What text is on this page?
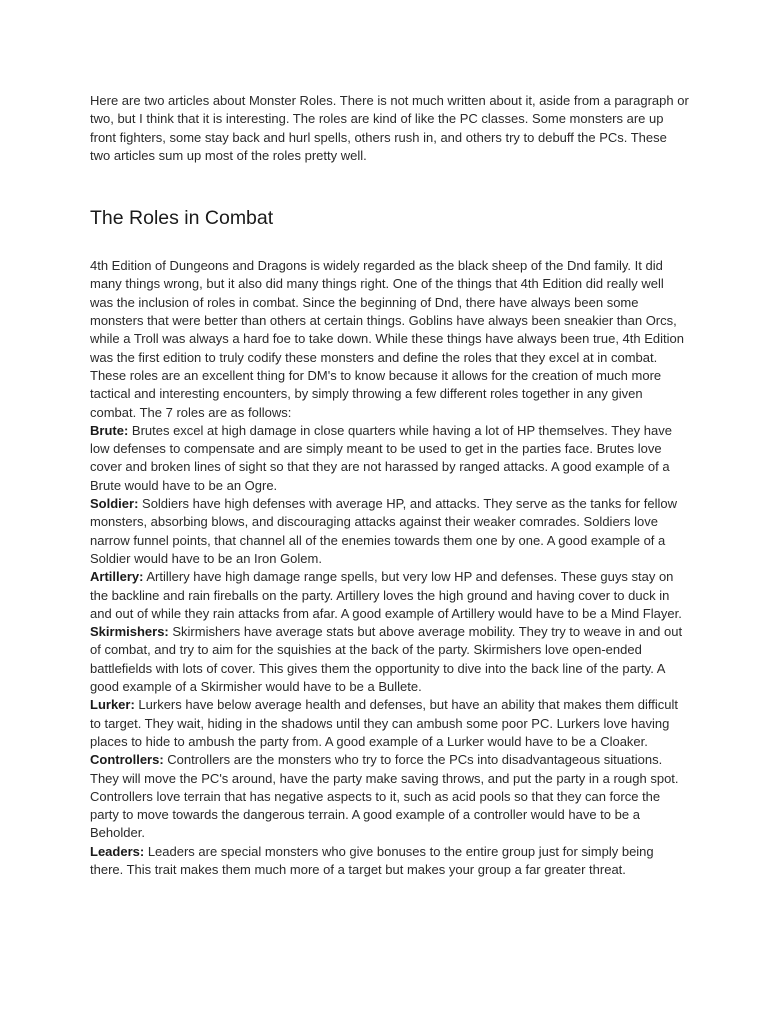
Here are two articles about Monster Roles. There is not much written about it, aside from a paragraph or two, but I think that it is interesting. The roles are kind of like the PC classes. Some monsters are up front fighters, some stay back and hurl spells, others rush in, and others try to debuff the PCs. These two articles sum up most of the roles pretty well.

The Roles in Combat

4th Edition of Dungeons and Dragons is widely regarded as the black sheep of the Dnd family. It did many things wrong, but it also did many things right. One of the things that 4th Edition did really well was the inclusion of roles in combat. Since the beginning of Dnd, there have always been some monsters that were better than others at certain things. Goblins have always been sneakier than Orcs, while a Troll was always a hard foe to take down. While these things have always been true, 4th Edition was the first edition to truly codify these monsters and define the roles that they excel at in combat. These roles are an excellent thing for DM's to know because it allows for the creation of much more tactical and interesting encounters, by simply throwing a few different roles together in any given combat. The 7 roles are as follows:

Brute: Brutes excel at high damage in close quarters while having a lot of HP themselves. They have low defenses to compensate and are simply meant to be used to get in the parties face. Brutes love cover and broken lines of sight so that they are not harassed by ranged attacks. A good example of a Brute would have to be an Ogre.

Soldier: Soldiers have high defenses with average HP, and attacks. They serve as the tanks for fellow monsters, absorbing blows, and discouraging attacks against their weaker comrades. Soldiers love narrow funnel points, that channel all of the enemies towards them one by one. A good example of a Soldier would have to be an Iron Golem.

Artillery: Artillery have high damage range spells, but very low HP and defenses. These guys stay on the backline and rain fireballs on the party. Artillery loves the high ground and having cover to duck in and out of while they rain attacks from afar. A good example of Artillery would have to be a Mind Flayer.

Skirmishers: Skirmishers have average stats but above average mobility. They try to weave in and out of combat, and try to aim for the squishies at the back of the party. Skirmishers love open-ended battlefields with lots of cover. This gives them the opportunity to dive into the back line of the party. A good example of a Skirmisher would have to be a Bullete.

Lurker: Lurkers have below average health and defenses, but have an ability that makes them difficult to target. They wait, hiding in the shadows until they can ambush some poor PC. Lurkers love having places to hide to ambush the party from. A good example of a Lurker would have to be a Cloaker.

Controllers: Controllers are the monsters who try to force the PCs into disadvantageous situations. They will move the PC's around, have the party make saving throws, and put the party in a rough spot. Controllers love terrain that has negative aspects to it, such as acid pools so that they can force the party to move towards the dangerous terrain. A good example of a controller would have to be a Beholder.

Leaders: Leaders are special monsters who give bonuses to the entire group just for simply being there. This trait makes them much more of a target but makes your group a far greater threat.
